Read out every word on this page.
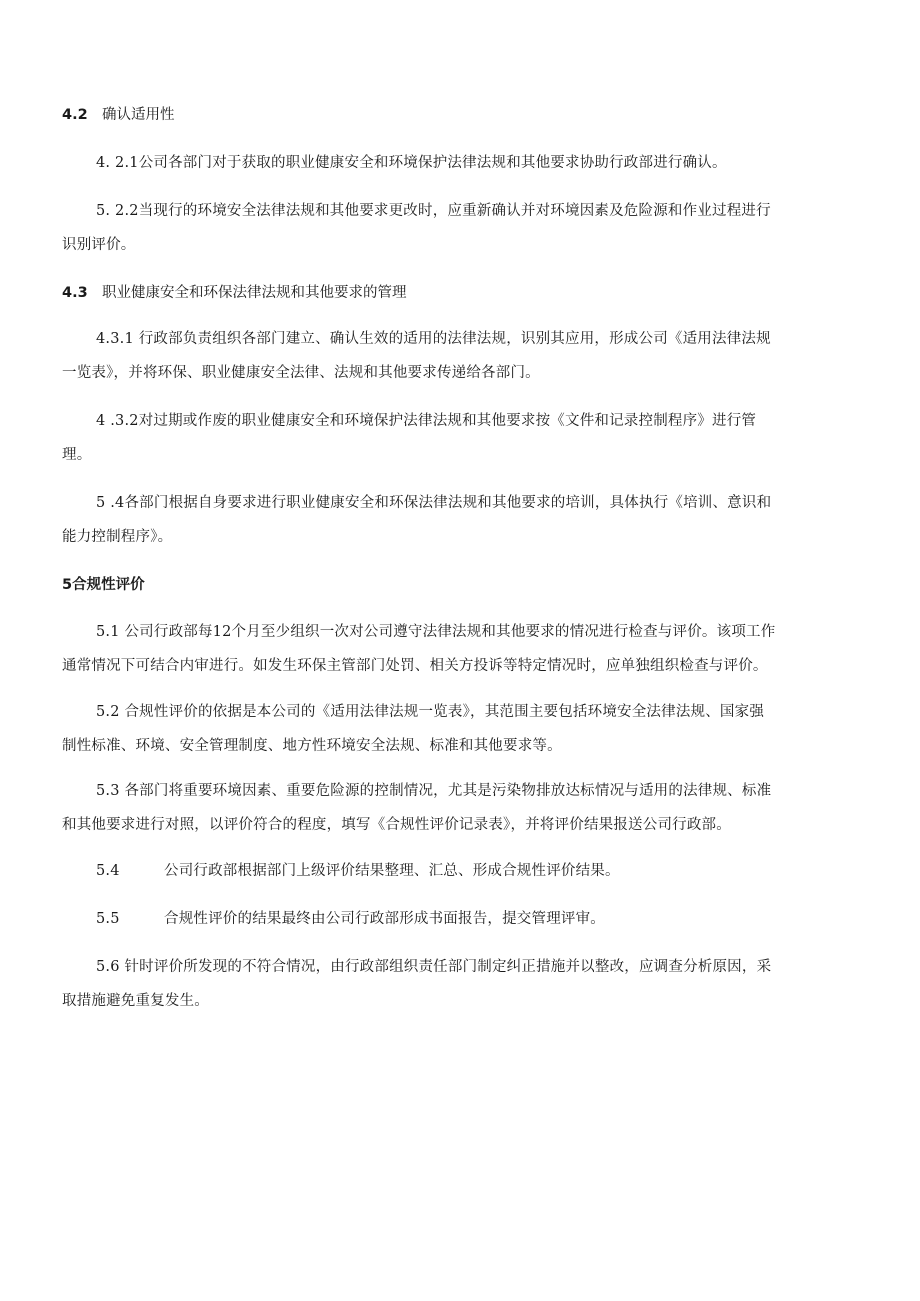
4.2 确认适用性
4. 2.1公司各部门对于获取的职业健康安全和环境保护法律法规和其他要求协助行政部进行确认。
5. 2.2当现行的环境安全法律法规和其他要求更改时，应重新确认并对环境因素及危险源和作业过程进行
识别评价。
4.3 职业健康安全和环保法律法规和其他要求的管理
4.3.1 行政部负责组织各部门建立、确认生效的适用的法律法规，识别其应用，形成公司《适用法律法规
一览表》，并将环保、职业健康安全法律、法规和其他要求传递给各部门。
4 .3.2对过期或作废的职业健康安全和环境保护法律法规和其他要求按《文件和记录控制程序》进行管
理。
5 .4各部门根据自身要求进行职业健康安全和环保法律法规和其他要求的培训，具体执行《培训、意识和
能力控制程序》。
5合规性评价
5.1 公司行政部每12个月至少组织一次对公司遵守法律法规和其他要求的情况进行检查与评价。该项工作
通常情况下可结合内审进行。如发生环保主管部门处罚、相关方投诉等特定情况时，应单独组织检查与评价。
5.2 合规性评价的依据是本公司的《适用法律法规一览表》，其范围主要包括环境安全法律法规、国家强
制性标准、环境、安全管理制度、地方性环境安全法规、标准和其他要求等。
5.3 各部门将重要环境因素、重要危险源的控制情况，尤其是污染物排放达标情况与适用的法律规、标准
和其他要求进行对照，以评价符合的程度，填写《合规性评价记录表》，并将评价结果报送公司行政部。
5.4	公司行政部根据部门上级评价结果整理、汇总、形成合规性评价结果。
5.5	合规性评价的结果最终由公司行政部形成书面报告，提交管理评审。
5.6 针时评价所发现的不符合情况，由行政部组织责任部门制定纠正措施并以整改，应调查分析原因，采
取措施避免重复发生。
